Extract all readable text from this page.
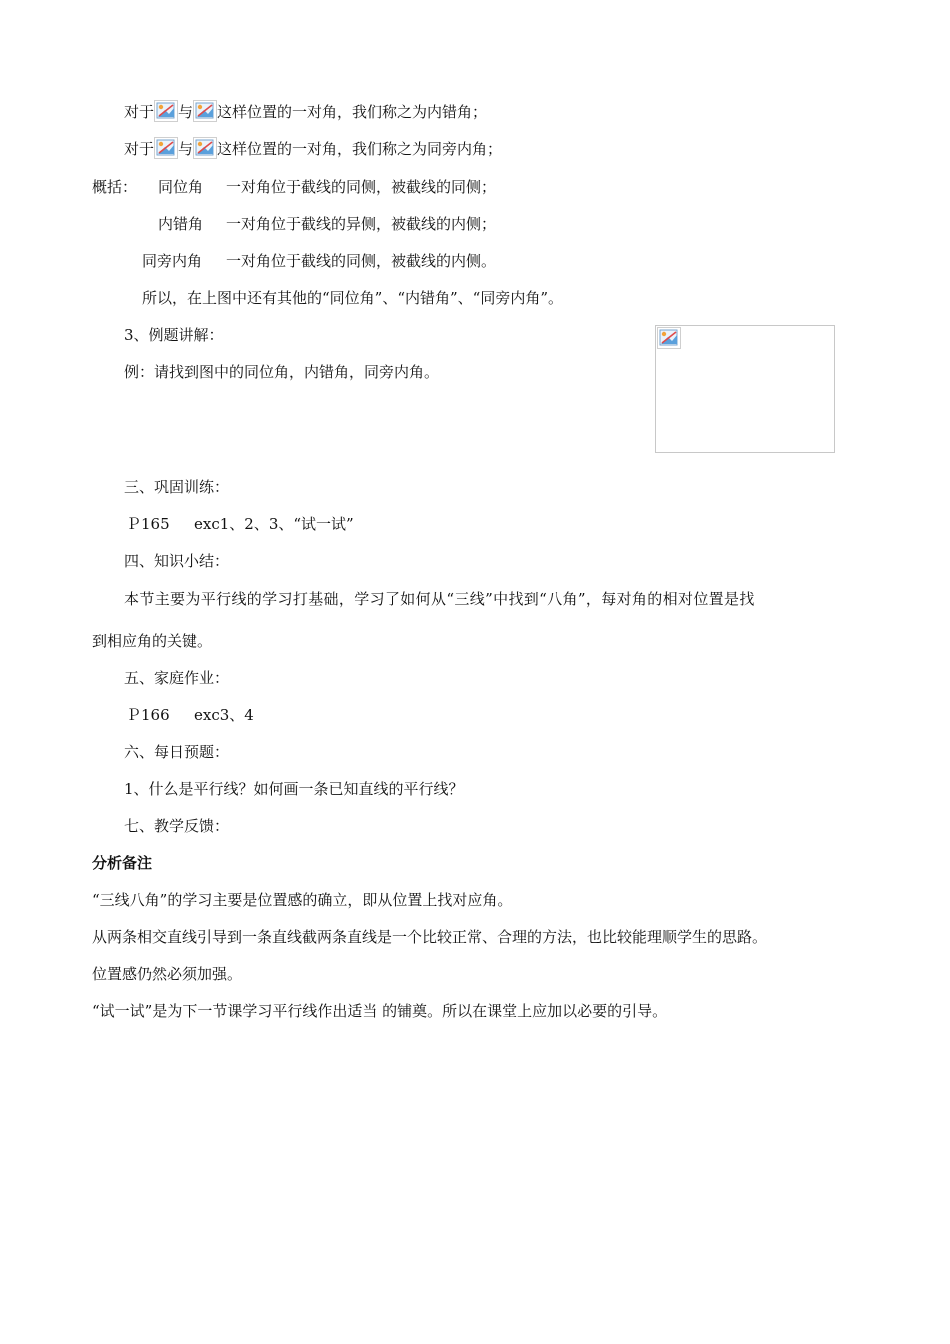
对于 与 这样位置的一对角，我们称之为内错角；
对于 与 这样位置的一对角，我们称之为同旁内角；
概括： 同位角 一对角位于截线的同侧，被截线的同侧；
内错角 一对角位于截线的异侧，被截线的内侧；
同旁内角 一对角位于截线的同侧，被截线的内侧。
所以，在上图中还有其他的“同位角”、“内错角”、“同旁内角”。
3、例题讲解：
例：请找到图中的同位角，内错角，同旁内角。
三、巩固训练：
Ｐ165 exc1、2、3、“试一试”
四、知识小结：
本节主要为平行线的学习打基础，学习了如何从“三线”中找到“八角”，每对角的相对位置是找
到相应角的关键。
五、家庭作业：
Ｐ166 exc3、4
六、每日预题：
1、什么是平行线？如何画一条已知直线的平行线？
七、教学反馈：
分析备注
“三线八角”的学习主要是位置感的确立，即从位置上找对应角。
从两条相交直线引导到一条直线截两条直线是一个比较正常、合理的方法，也比较能理顺学生的思路。
位置感仍然必须加强。
“试一试”是为下一节课学习平行线作出适当 的铺奠。所以在课堂上应加以必要的引导。
